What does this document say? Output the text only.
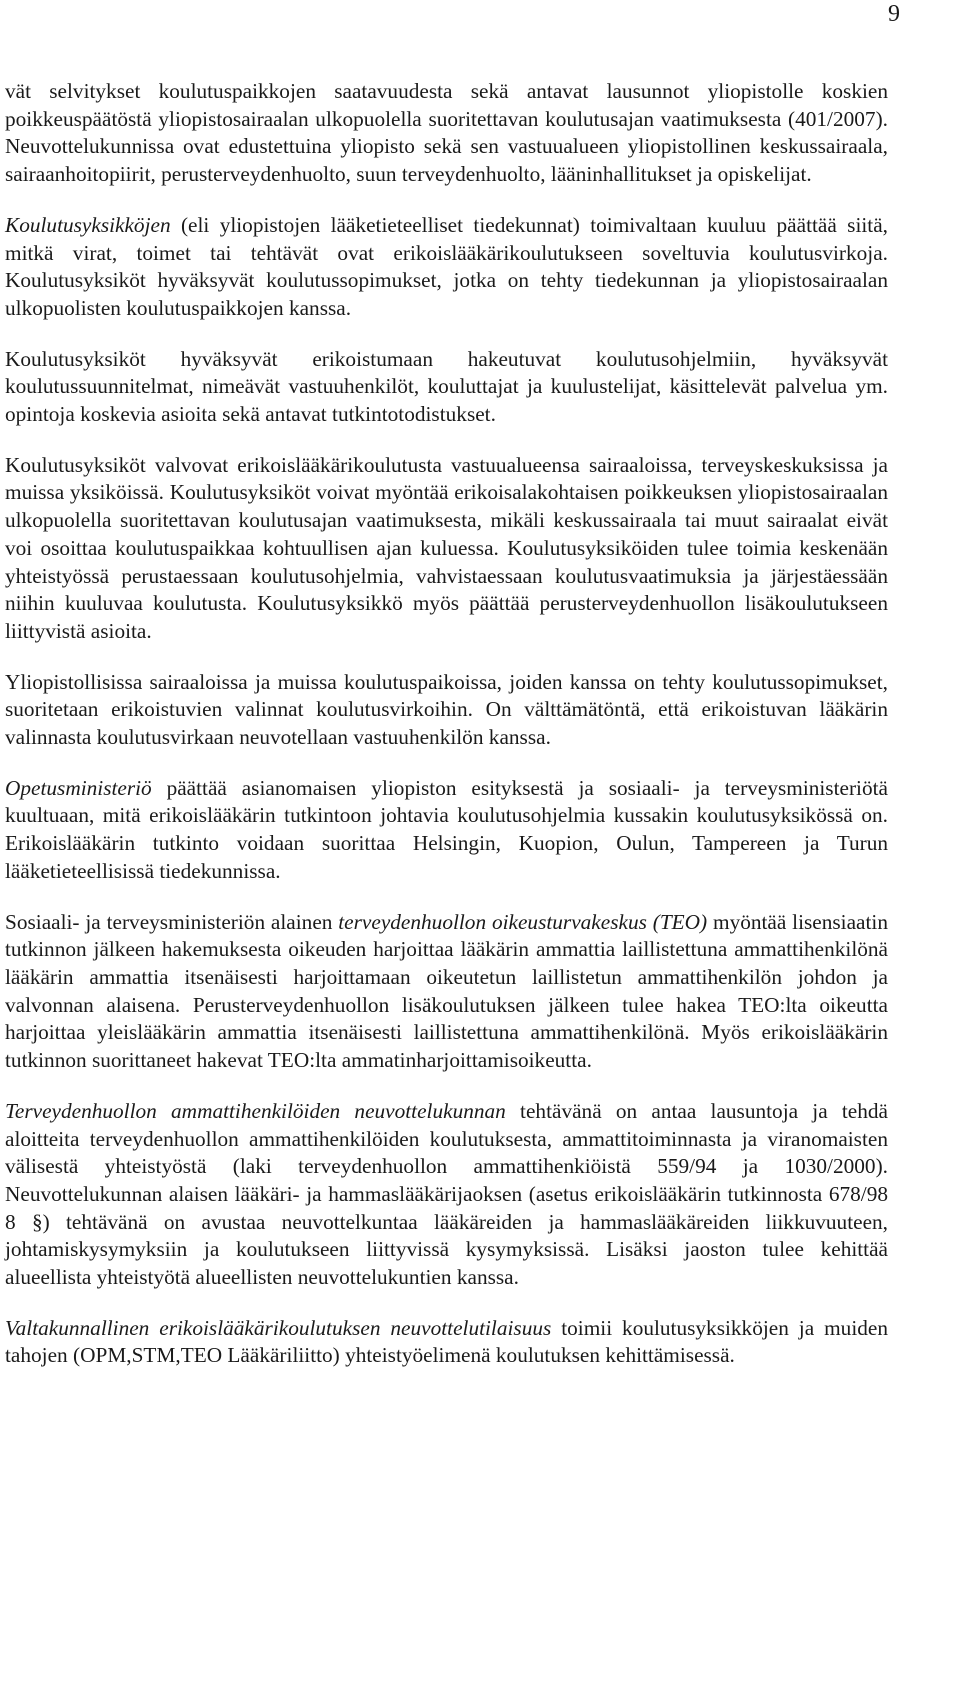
9

vät selvitykset koulutuspaikkojen saatavuudesta sekä antavat lausunnot yliopistolle koskien poikkeuspäätöstä yliopistosairaalan ulkopuolella suoritettavan koulutusajan vaatimuksesta (401/2007). Neuvottelukunnissa ovat edustettuina yliopisto sekä sen vastuualueen yliopistollinen keskussairaala, sairaanhoitopiirit, perusterveydenhuolto, suun terveydenhuolto, lääninhallitukset ja opiskelijat.

Koulutusyksikköjen (eli yliopistojen lääketieteelliset tiedekunnat) toimivaltaan kuuluu päättää siitä, mitkä virat, toimet tai tehtävät ovat erikoislääkärikoulutukseen soveltuvia koulutusvirkoja. Koulutusyksiköt hyväksyvät koulutussopimukset, jotka on tehty tiedekunnan ja yliopistosairaalan ulkopuolisten koulutuspaikkojen kanssa.

Koulutusyksiköt hyväksyvät erikoistumaan hakeutuvat koulutusohjelmiin, hyväksyvät koulutussuunnitelmat, nimeävät vastuuhenkilöt, kouluttajat ja kuulustelijat, käsittelevät palvelua ym. opintoja koskevia asioita sekä antavat tutkintotodistukset.

Koulutusyksiköt valvovat erikoislääkärikoulutusta vastuualueensa sairaaloissa, terveyskeskuksissa ja muissa yksiköissä. Koulutusyksiköt voivat myöntää erikoisalakohtaisen poikkeuksen yliopistosairaalan ulkopuolella suoritettavan koulutusajan vaatimuksesta, mikäli keskussairaala tai muut sairaalat eivät voi osoittaa koulutuspaikkaa kohtuullisen ajan kuluessa. Koulutusyksiköiden tulee toimia keskenään yhteistyössä perustaessaan koulutusohjelmia, vahvistaessaan koulutusvaatimuksia ja järjestäessään niihin kuuluvaa koulutusta. Koulutusyksikkö myös päättää perusterveydenhuollon lisäkoulutukseen liittyvistä asioita.

Yliopistollisissa sairaaloissa ja muissa koulutuspaikoissa, joiden kanssa on tehty koulutussopimukset, suoritetaan erikoistuvien valinnat koulutusvirkoihin. On välttämätöntä, että erikoistuvan lääkärin valinnasta koulutusvirkaan neuvotellaan vastuuhenkilön kanssa.

Opetusministeriö päättää asianomaisen yliopiston esityksestä ja sosiaali- ja terveysministeriötä kuultuaan, mitä erikoislääkärin tutkintoon johtavia koulutusohjelmia kussakin koulutusyksikössä on. Erikoislääkärin tutkinto voidaan suorittaa Helsingin, Kuopion, Oulun, Tampereen ja Turun lääketieteellisissä tiedekunnissa.

Sosiaali- ja terveysministeriön alainen terveydenhuollon oikeusturvakeskus (TEO) myöntää lisensiaatin tutkinnon jälkeen hakemuksesta oikeuden harjoittaa lääkärin ammattia laillistettuna ammattihenkilönä lääkärin ammattia itsenäisesti harjoittamaan oikeutetun laillistetun ammattihenkilön johdon ja valvonnan alaisena. Perusterveydenhuollon lisäkoulutuksen jälkeen tulee hakea TEO:lta oikeutta harjoittaa yleislääkärin ammattia itsenäisesti laillistettuna ammattihenkilönä. Myös erikoislääkärin tutkinnon suorittaneet hakevat TEO:lta ammatinharjoittamisoikeutta.

Terveydenhuollon ammattihenkilöiden neuvottelukunnan tehtävänä on antaa lausuntoja ja tehdä aloitteita terveydenhuollon ammattihenkilöiden koulutuksesta, ammattitoiminnasta ja viranomaisten välisestä yhteistyöstä (laki terveydenhuollon ammattihenkiöistä 559/94 ja 1030/2000). Neuvottelukunnan alaisen lääkäri- ja hammaslääkärijaoksen (asetus erikoislääkärin tutkinnosta 678/98 8 §) tehtävänä on avustaa neuvottelkuntaa lääkäreiden ja hammaslääkäreiden liikkuvuuteen, johtamiskysymyksiin ja koulutukseen liittyvissä kysymyksissä. Lisäksi jaoston tulee kehittää alueellista yhteistyötä alueellisten neuvottelukuntien kanssa.

Valtakunnallinen erikoislääkärikoulutuksen neuvottelutilaisuus toimii koulutusyksikköjen ja muiden tahojen (OPM,STM,TEO Lääkäriliitto) yhteistyöelimenä koulutuksen kehittämisessä.
